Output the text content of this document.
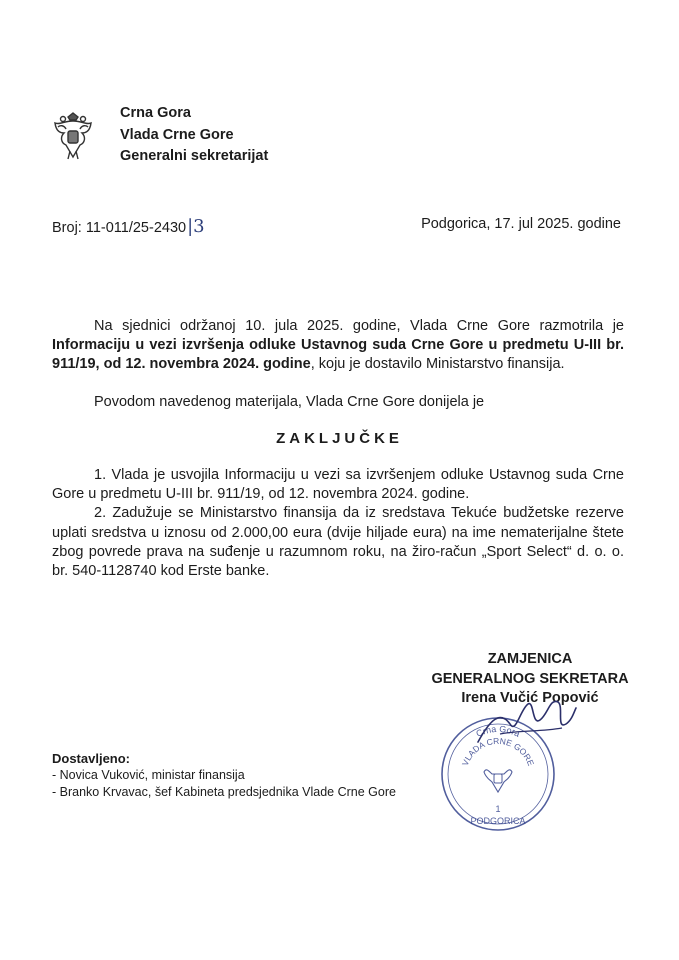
Crna Gora
Vlada Crne Gore
Generalni sekretarijat
Broj: 11-011/25-2430|3	Podgorica, 17. jul 2025. godine
Na sjednici održanoj 10. jula 2025. godine, Vlada Crne Gore razmotrila je Informaciju u vezi izvršenja odluke Ustavnog suda Crne Gore u predmetu U-III br. 911/19, od 12. novembra 2024. godine, koju je dostavilo Ministarstvo finansija.
Povodom navedenog materijala, Vlada Crne Gore donijela je
ZAKLJUČKE
1. Vlada je usvojila Informaciju u vezi sa izvršenjem odluke Ustavnog suda Crne Gore u predmetu U-III br. 911/19, od 12. novembra 2024. godine.
2. Zadužuje se Ministarstvo finansija da iz sredstava Tekuće budžetske rezerve uplati sredstva u iznosu od 2.000,00 eura (dvije hiljade eura) na ime nematerijalne štete zbog povrede prava na suđenje u razumnom roku, na žiro-račun „Sport Select“ d. o. o. br. 540-1128740 kod Erste banke.
ZAMJENICA
GENERALNOG SEKRETARA
Irena Vučić Popović
Crna Gora
VLADA CRNE GORE
1
PODGORICA
Dostavljeno:
- Novica Vuković, ministar finansija
- Branko Krvavac, šef Kabineta predsjednika Vlade Crne Gore
